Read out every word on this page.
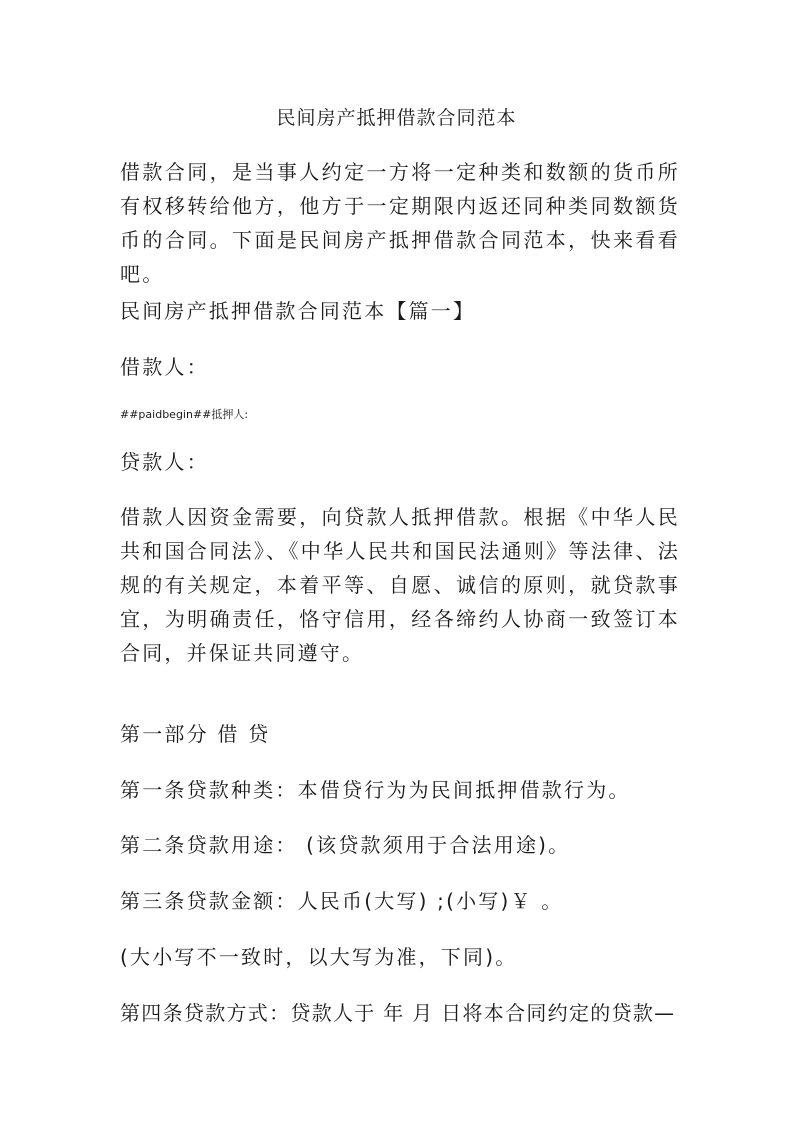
民间房产抵押借款合同范本
借款合同，是当事人约定一方将一定种类和数额的货币所有权移转给他方，他方于一定期限内返还同种类同数额货币的合同。下面是民间房产抵押借款合同范本，快来看看吧。
民间房产抵押借款合同范本【篇一】
借款人：
##paidbegin##抵押人:
贷款人：
借款人因资金需要，向贷款人抵押借款。根据《中华人民共和国合同法》、《中华人民共和国民法通则》等法律、法规的有关规定，本着平等、自愿、诚信的原则，就贷款事宜，为明确责任，恪守信用，经各缔约人协商一致签订本合同，并保证共同遵守。
第一部分 借 贷
第一条贷款种类：本借贷行为为民间抵押借款行为。
第二条贷款用途： (该贷款须用于合法用途)。
第三条贷款金额：人民币(大写) ;(小写)￥ 。
(大小写不一致时，以大写为准，下同)。
第四条贷款方式：贷款人于 年 月 日将本合同约定的贷款—
